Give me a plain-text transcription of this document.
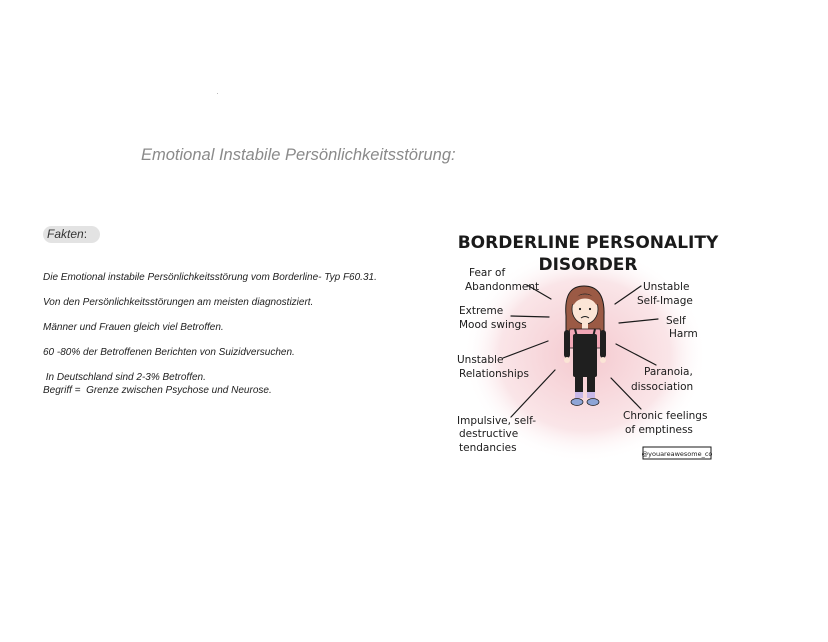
Emotional Instabile Persönlichkeitsstörung:
Fakten:
Die Emotional instabile Persönlichkeitsstörung vom Borderline- Typ F60.31.
Von den Persönlichkeitsstörungen am meisten diagnostiziert.
Männer und Frauen gleich viel Betroffen.
60 -80% der Betroffenen Berichten von Suizidversuchen.
In Deutschland sind 2-3% Betroffen.
Begriff =  Grenze zwischen Psychose und Neurose.
BORDERLINE PERSONALITY
DISORDER
Fear of Abandonment
Extreme Mood swings
Unstable Relationships
Impulsive, self- destructive tendancies
Unstable Self-Image
Self Harm
Paranoia, dissociation
Chronic feelings of emptiness
@youareawesome_co
